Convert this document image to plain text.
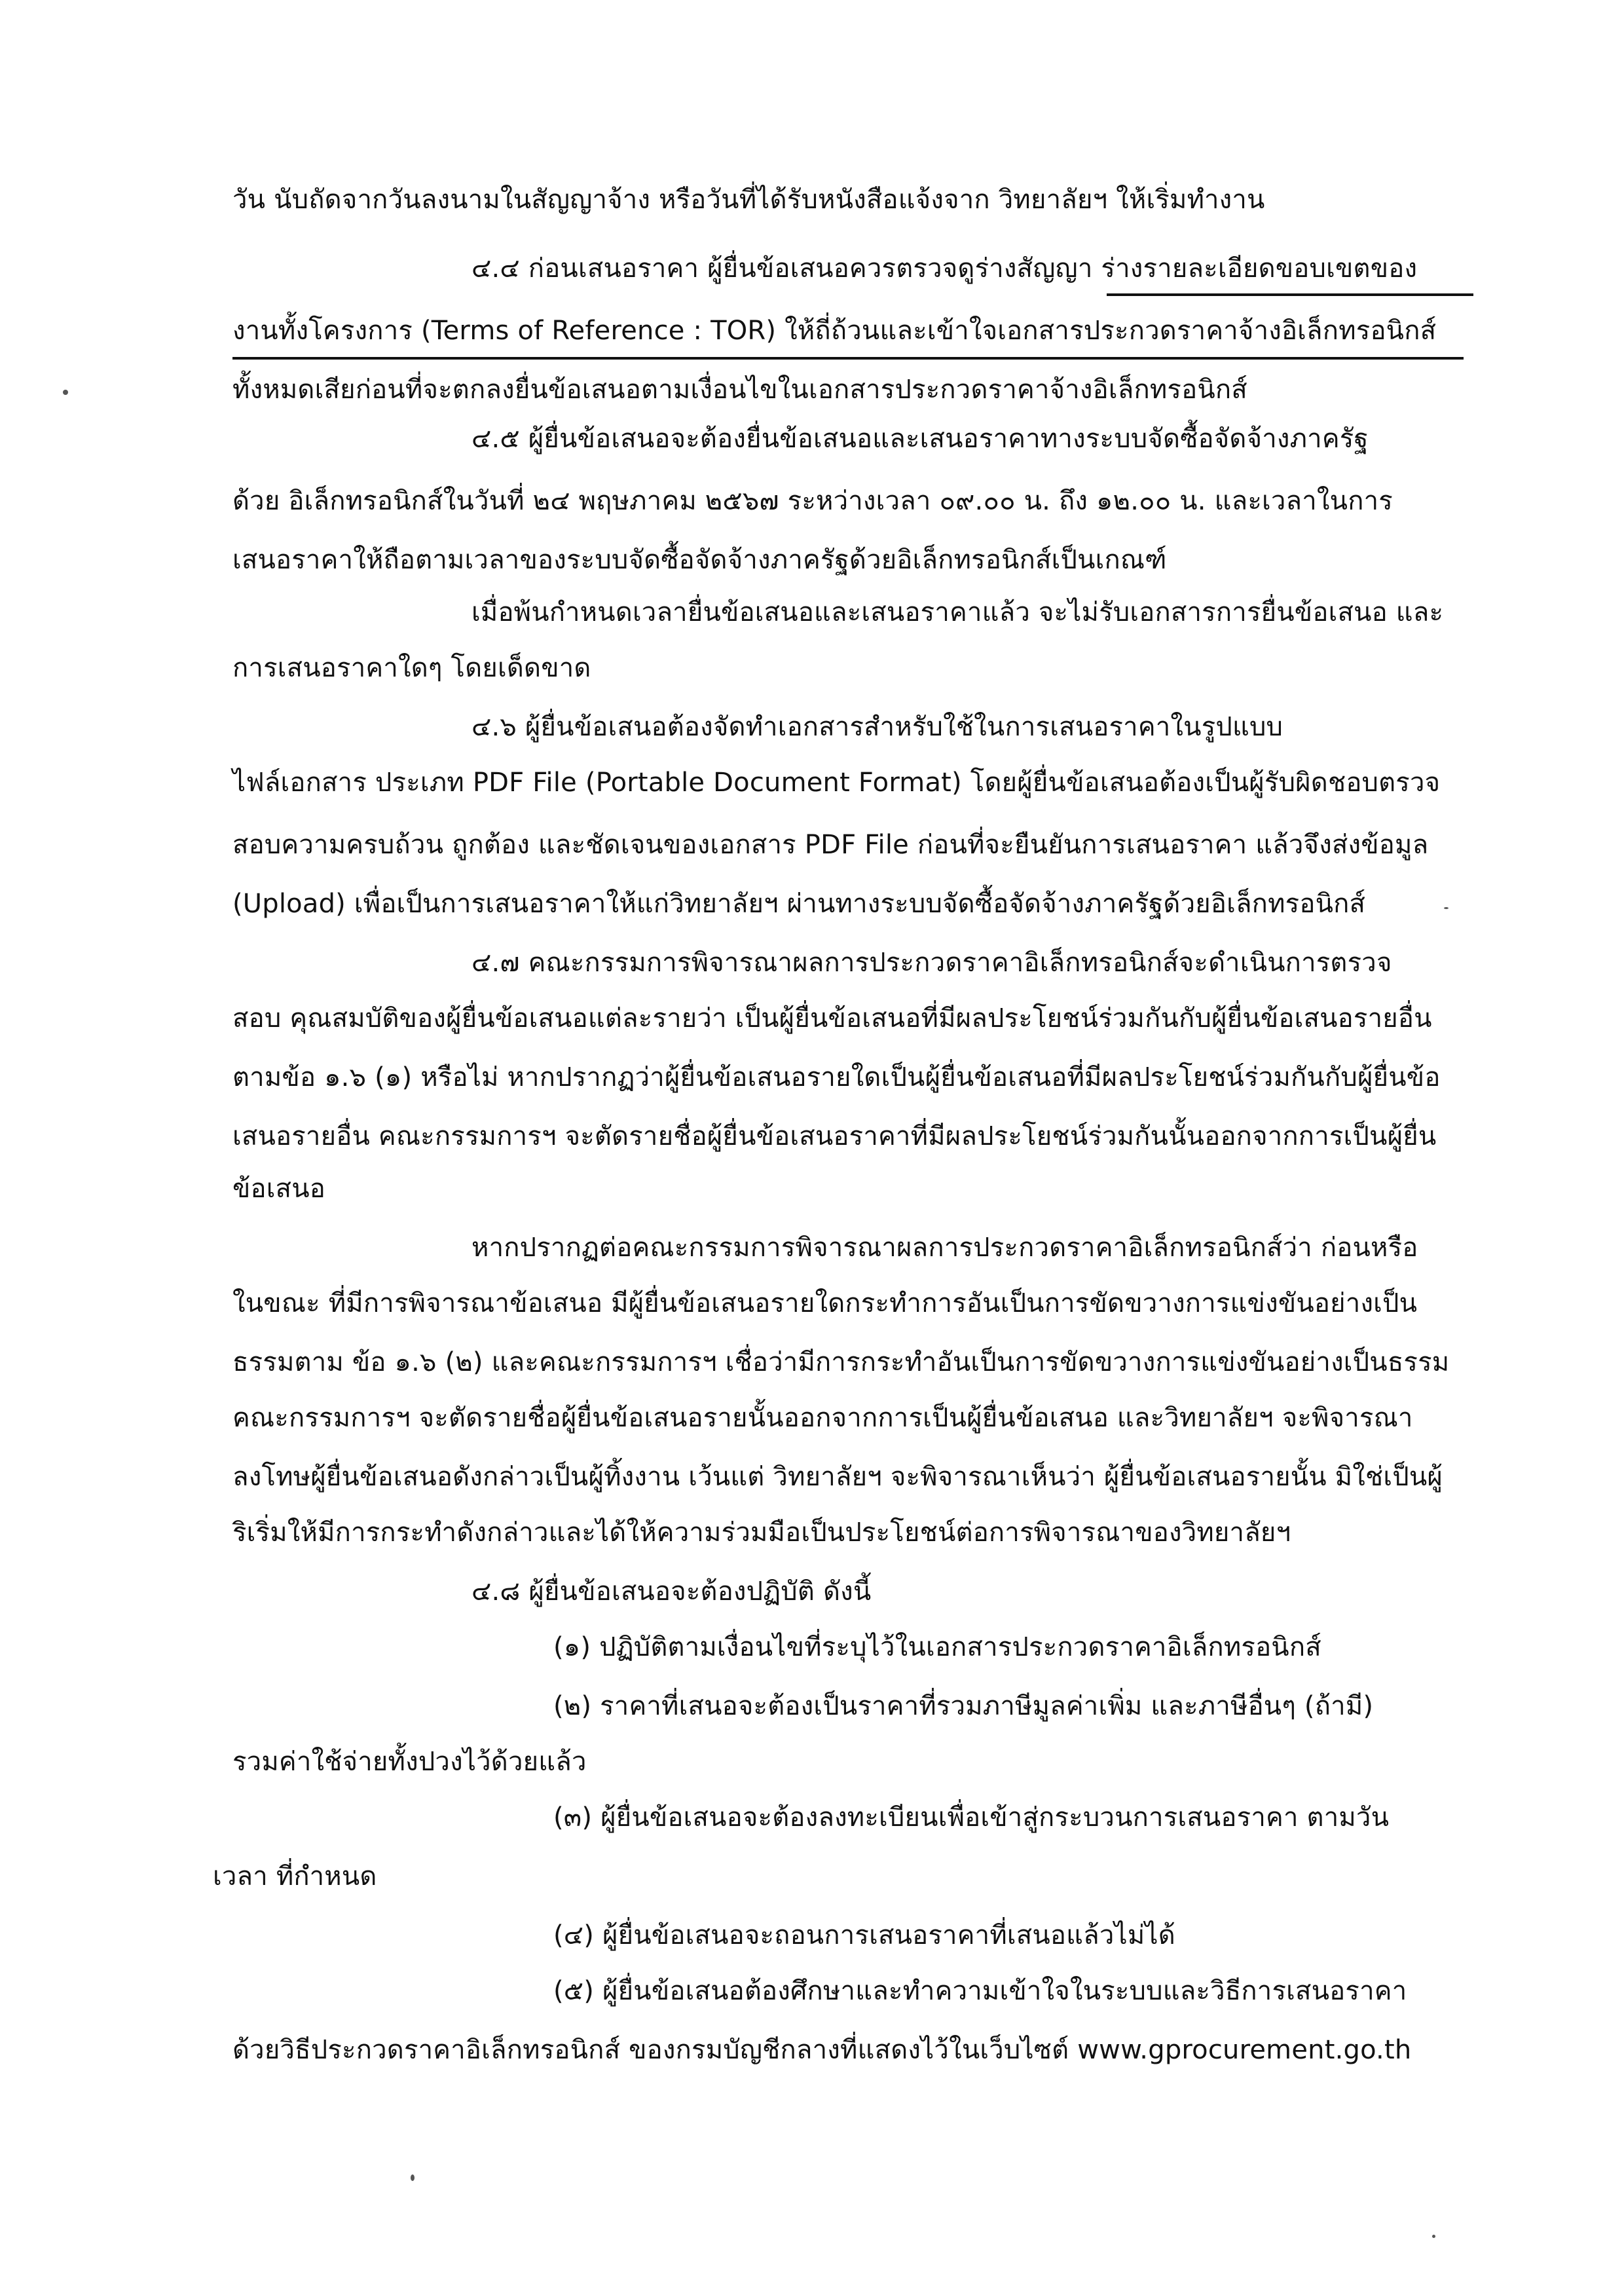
วัน นับถัดจากวันลงนามในสัญญาจ้าง หรือวันที่ได้รับหนังสือแจ้งจาก วิทยาลัยฯ ให้เริ่มทำงาน
๔.๔ ก่อนเสนอราคา ผู้ยื่นข้อเสนอควรตรวจดูร่างสัญญา ร่างรายละเอียดขอบเขตของ
งานทั้งโครงการ (Terms of Reference : TOR) ให้ถี่ถ้วนและเข้าใจเอกสารประกวดราคาจ้างอิเล็กทรอนิกส์
ทั้งหมดเสียก่อนที่จะตกลงยื่นข้อเสนอตามเงื่อนไขในเอกสารประกวดราคาจ้างอิเล็กทรอนิกส์
๔.๕ ผู้ยื่นข้อเสนอจะต้องยื่นข้อเสนอและเสนอราคาทางระบบจัดซื้อจัดจ้างภาครัฐ
ด้วย อิเล็กทรอนิกส์ในวันที่ ๒๔ พฤษภาคม ๒๕๖๗ ระหว่างเวลา ๐๙.๐๐ น. ถึง ๑๒.๐๐ น. และเวลาในการ
เสนอราคาให้ถือตามเวลาของระบบจัดซื้อจัดจ้างภาครัฐด้วยอิเล็กทรอนิกส์เป็นเกณฑ์
เมื่อพ้นกำหนดเวลายื่นข้อเสนอและเสนอราคาแล้ว จะไม่รับเอกสารการยื่นข้อเสนอ และ
การเสนอราคาใดๆ โดยเด็ดขาด
๔.๖ ผู้ยื่นข้อเสนอต้องจัดทำเอกสารสำหรับใช้ในการเสนอราคาในรูปแบบ
ไฟล์เอกสาร ประเภท PDF File (Portable Document Format) โดยผู้ยื่นข้อเสนอต้องเป็นผู้รับผิดชอบตรวจ
สอบความครบถ้วน ถูกต้อง และชัดเจนของเอกสาร PDF File ก่อนที่จะยืนยันการเสนอราคา แล้วจึงส่งข้อมูล
(Upload) เพื่อเป็นการเสนอราคาให้แก่วิทยาลัยฯ ผ่านทางระบบจัดซื้อจัดจ้างภาครัฐด้วยอิเล็กทรอนิกส์
๔.๗ คณะกรรมการพิจารณาผลการประกวดราคาอิเล็กทรอนิกส์จะดำเนินการตรวจ
สอบ คุณสมบัติของผู้ยื่นข้อเสนอแต่ละรายว่า เป็นผู้ยื่นข้อเสนอที่มีผลประโยชน์ร่วมกันกับผู้ยื่นข้อเสนอรายอื่น
ตามข้อ ๑.๖ (๑) หรือไม่ หากปรากฏว่าผู้ยื่นข้อเสนอรายใดเป็นผู้ยื่นข้อเสนอที่มีผลประโยชน์ร่วมกันกับผู้ยื่นข้อ
เสนอรายอื่น คณะกรรมการฯ จะตัดรายชื่อผู้ยื่นข้อเสนอราคาที่มีผลประโยชน์ร่วมกันนั้นออกจากการเป็นผู้ยื่น
ข้อเสนอ
หากปรากฏต่อคณะกรรมการพิจารณาผลการประกวดราคาอิเล็กทรอนิกส์ว่า ก่อนหรือ
ในขณะ ที่มีการพิจารณาข้อเสนอ มีผู้ยื่นข้อเสนอรายใดกระทำการอันเป็นการขัดขวางการแข่งขันอย่างเป็น
ธรรมตาม ข้อ ๑.๖ (๒) และคณะกรรมการฯ เชื่อว่ามีการกระทำอันเป็นการขัดขวางการแข่งขันอย่างเป็นธรรม
คณะกรรมการฯ จะตัดรายชื่อผู้ยื่นข้อเสนอรายนั้นออกจากการเป็นผู้ยื่นข้อเสนอ และวิทยาลัยฯ จะพิจารณา
ลงโทษผู้ยื่นข้อเสนอดังกล่าวเป็นผู้ทิ้งงาน เว้นแต่ วิทยาลัยฯ จะพิจารณาเห็นว่า ผู้ยื่นข้อเสนอรายนั้น มิใช่เป็นผู้
ริเริ่มให้มีการกระทำดังกล่าวและได้ให้ความร่วมมือเป็นประโยชน์ต่อการพิจารณาของวิทยาลัยฯ
๔.๘ ผู้ยื่นข้อเสนอจะต้องปฏิบัติ ดังนี้
(๑) ปฏิบัติตามเงื่อนไขที่ระบุไว้ในเอกสารประกวดราคาอิเล็กทรอนิกส์
(๒) ราคาที่เสนอจะต้องเป็นราคาที่รวมภาษีมูลค่าเพิ่ม และภาษีอื่นๆ (ถ้ามี)
รวมค่าใช้จ่ายทั้งปวงไว้ด้วยแล้ว
(๓) ผู้ยื่นข้อเสนอจะต้องลงทะเบียนเพื่อเข้าสู่กระบวนการเสนอราคา ตามวัน
เวลา ที่กำหนด
(๔) ผู้ยื่นข้อเสนอจะถอนการเสนอราคาที่เสนอแล้วไม่ได้
(๕) ผู้ยื่นข้อเสนอต้องศึกษาและทำความเข้าใจในระบบและวิธีการเสนอราคา
ด้วยวิธีประกวดราคาอิเล็กทรอนิกส์ ของกรมบัญชีกลางที่แสดงไว้ในเว็บไซต์ www.gprocurement.go.th
